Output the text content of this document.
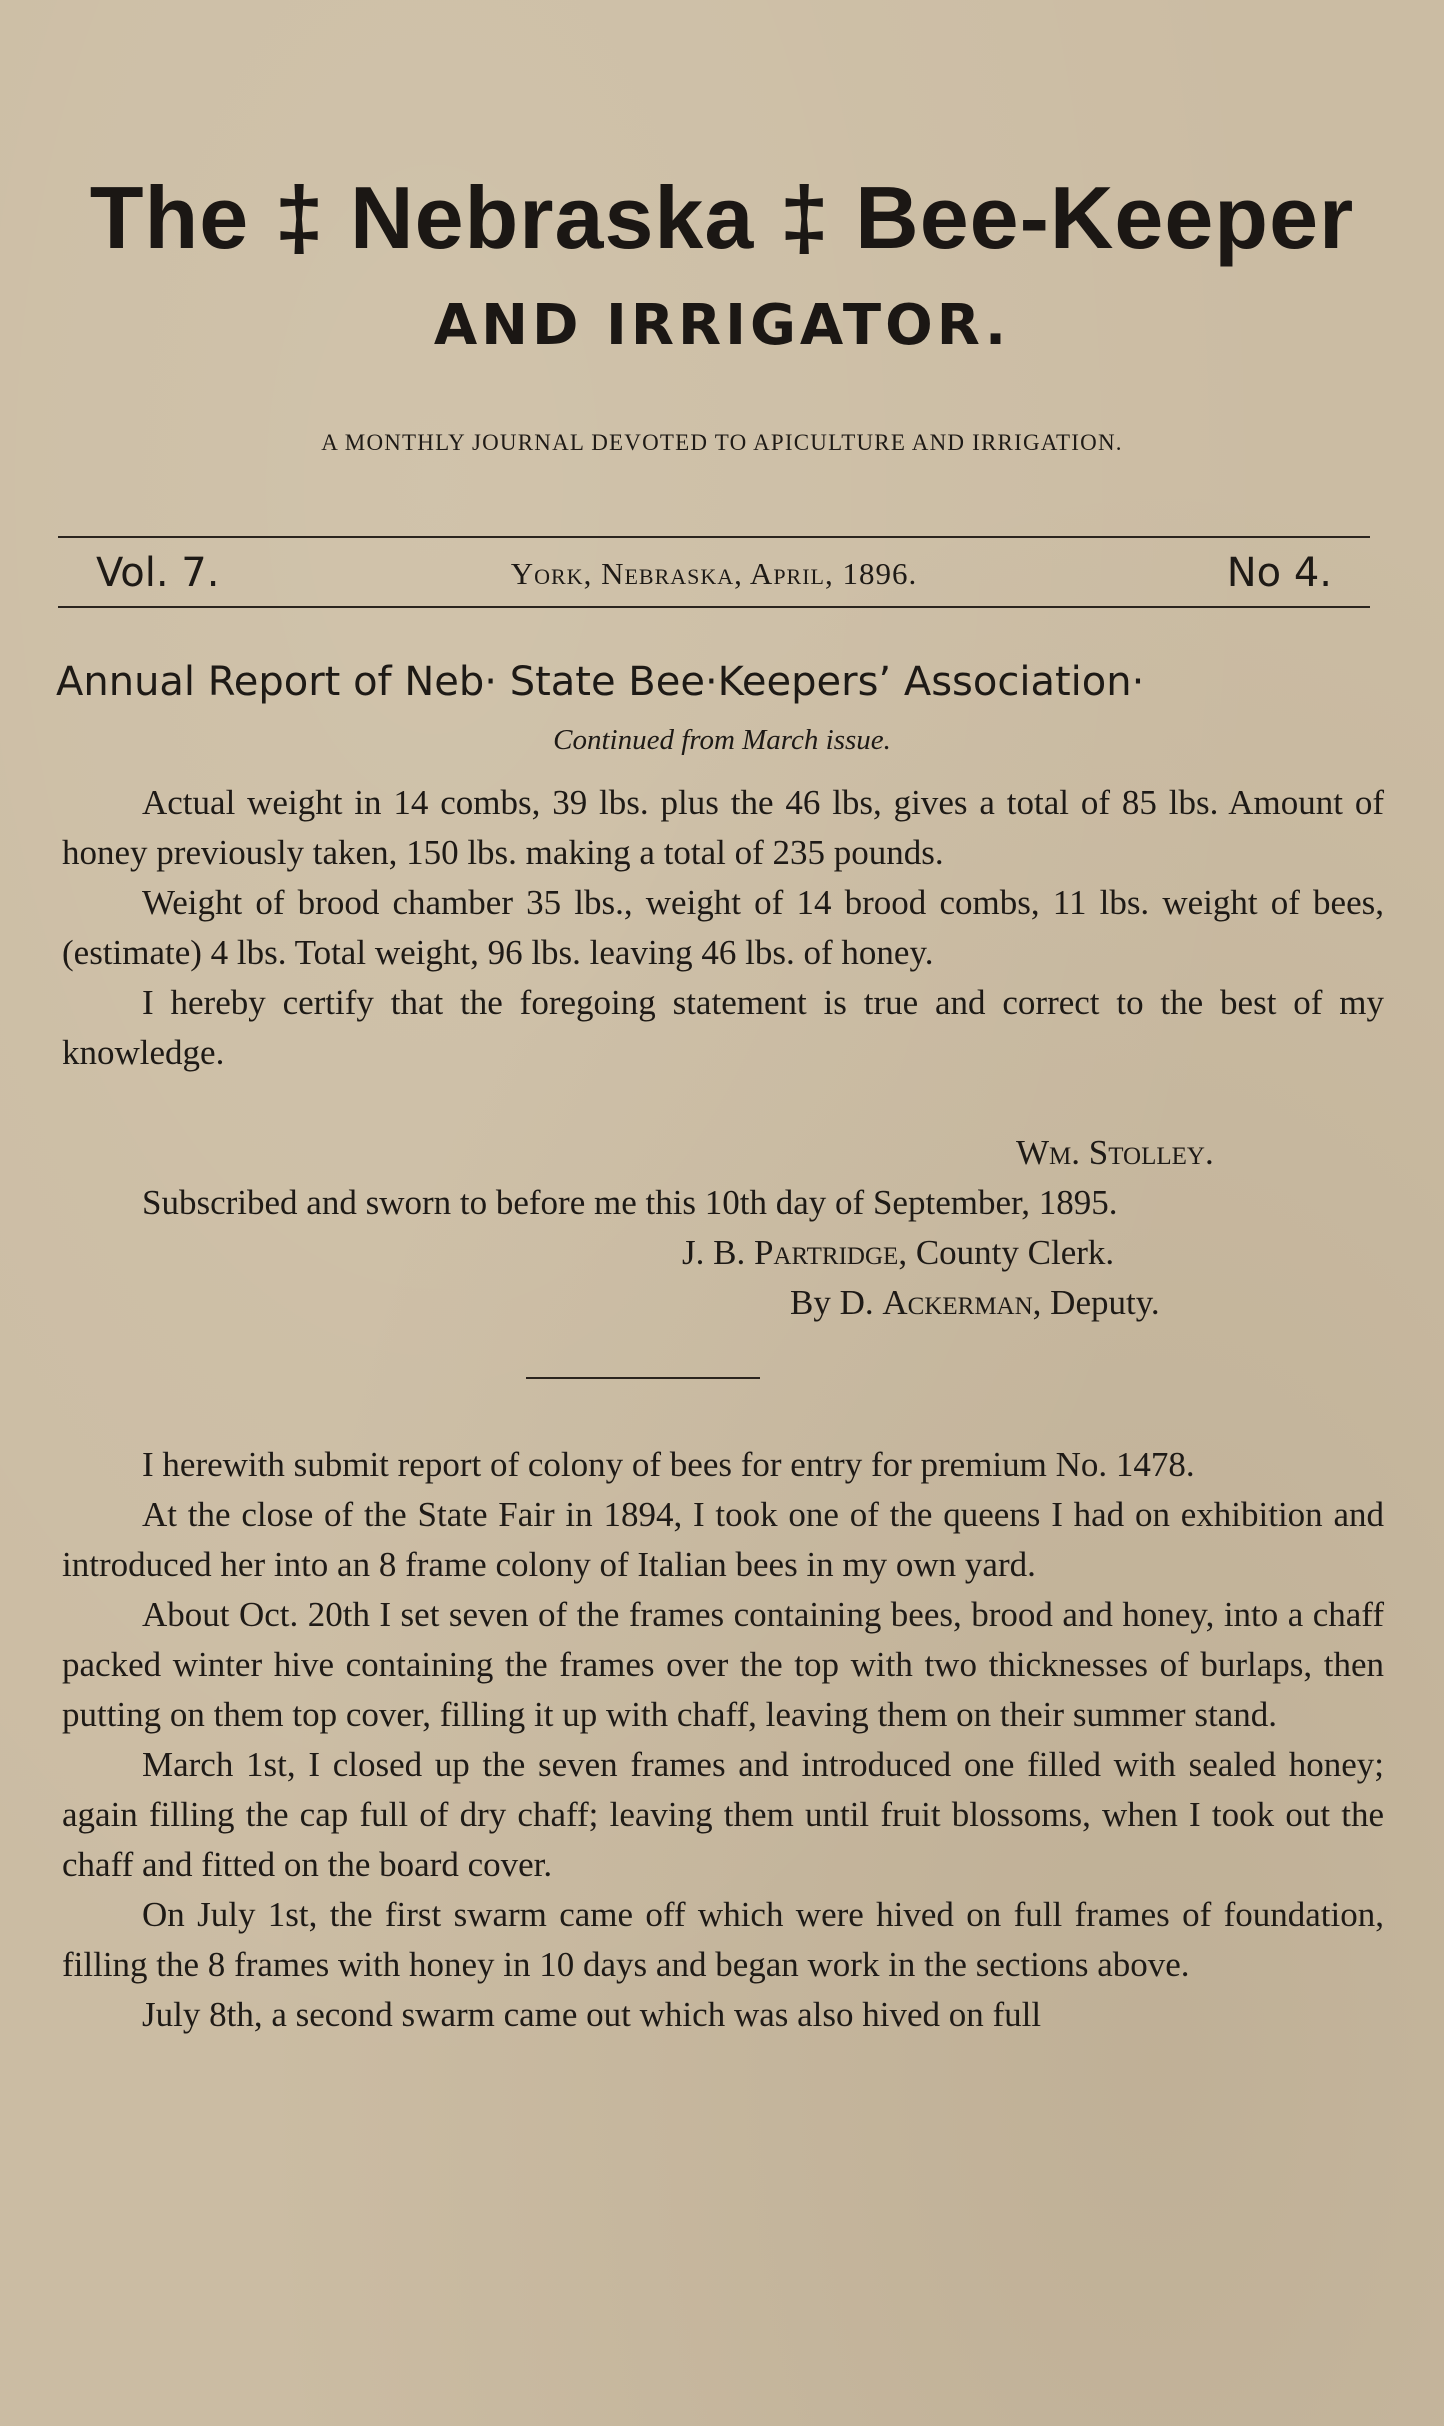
The ‡ Nebraska ‡ Bee-Keeper
AND IRRIGATOR.
A MONTHLY JOURNAL DEVOTED TO APICULTURE AND IRRIGATION.
Vol. 7.	York, Nebraska, April, 1896.	No 4.
Annual Report of Neb· State Bee·Keepers’ Association·
Continued from March issue.

Actual weight in 14 combs, 39 lbs. plus the 46 lbs, gives a total of 85 lbs. Amount of honey previously taken, 150 lbs. making a total of 235 pounds.

Weight of brood chamber 35 lbs., weight of 14 brood combs, 11 lbs. weight of bees, (estimate) 4 lbs. Total weight, 96 lbs. leaving 46 lbs. of honey.

I hereby certify that the foregoing statement is true and correct to the best of my knowledge.

Wm. Stolley.
Subscribed and sworn to before me this 10th day of September, 1895.
J. B. Partridge, County Clerk.
By D. Ackerman, Deputy.

I herewith submit report of colony of bees for entry for premium No. 1478.

At the close of the State Fair in 1894, I took one of the queens I had on exhibition and introduced her into an 8 frame colony of Italian bees in my own yard.

About Oct. 20th I set seven of the frames containing bees, brood and honey, into a chaff packed winter hive containing the frames over the top with two thicknesses of burlaps, then putting on them top cover, filling it up with chaff, leaving them on their summer stand.

March 1st, I closed up the seven frames and introduced one filled with sealed honey; again filling the cap full of dry chaff; leaving them until fruit blossoms, when I took out the chaff and fitted on the board cover.

On July 1st, the first swarm came off which were hived on full frames of foundation, filling the 8 frames with honey in 10 days and began work in the sections above.

July 8th, a second swarm came out which was also hived on full
